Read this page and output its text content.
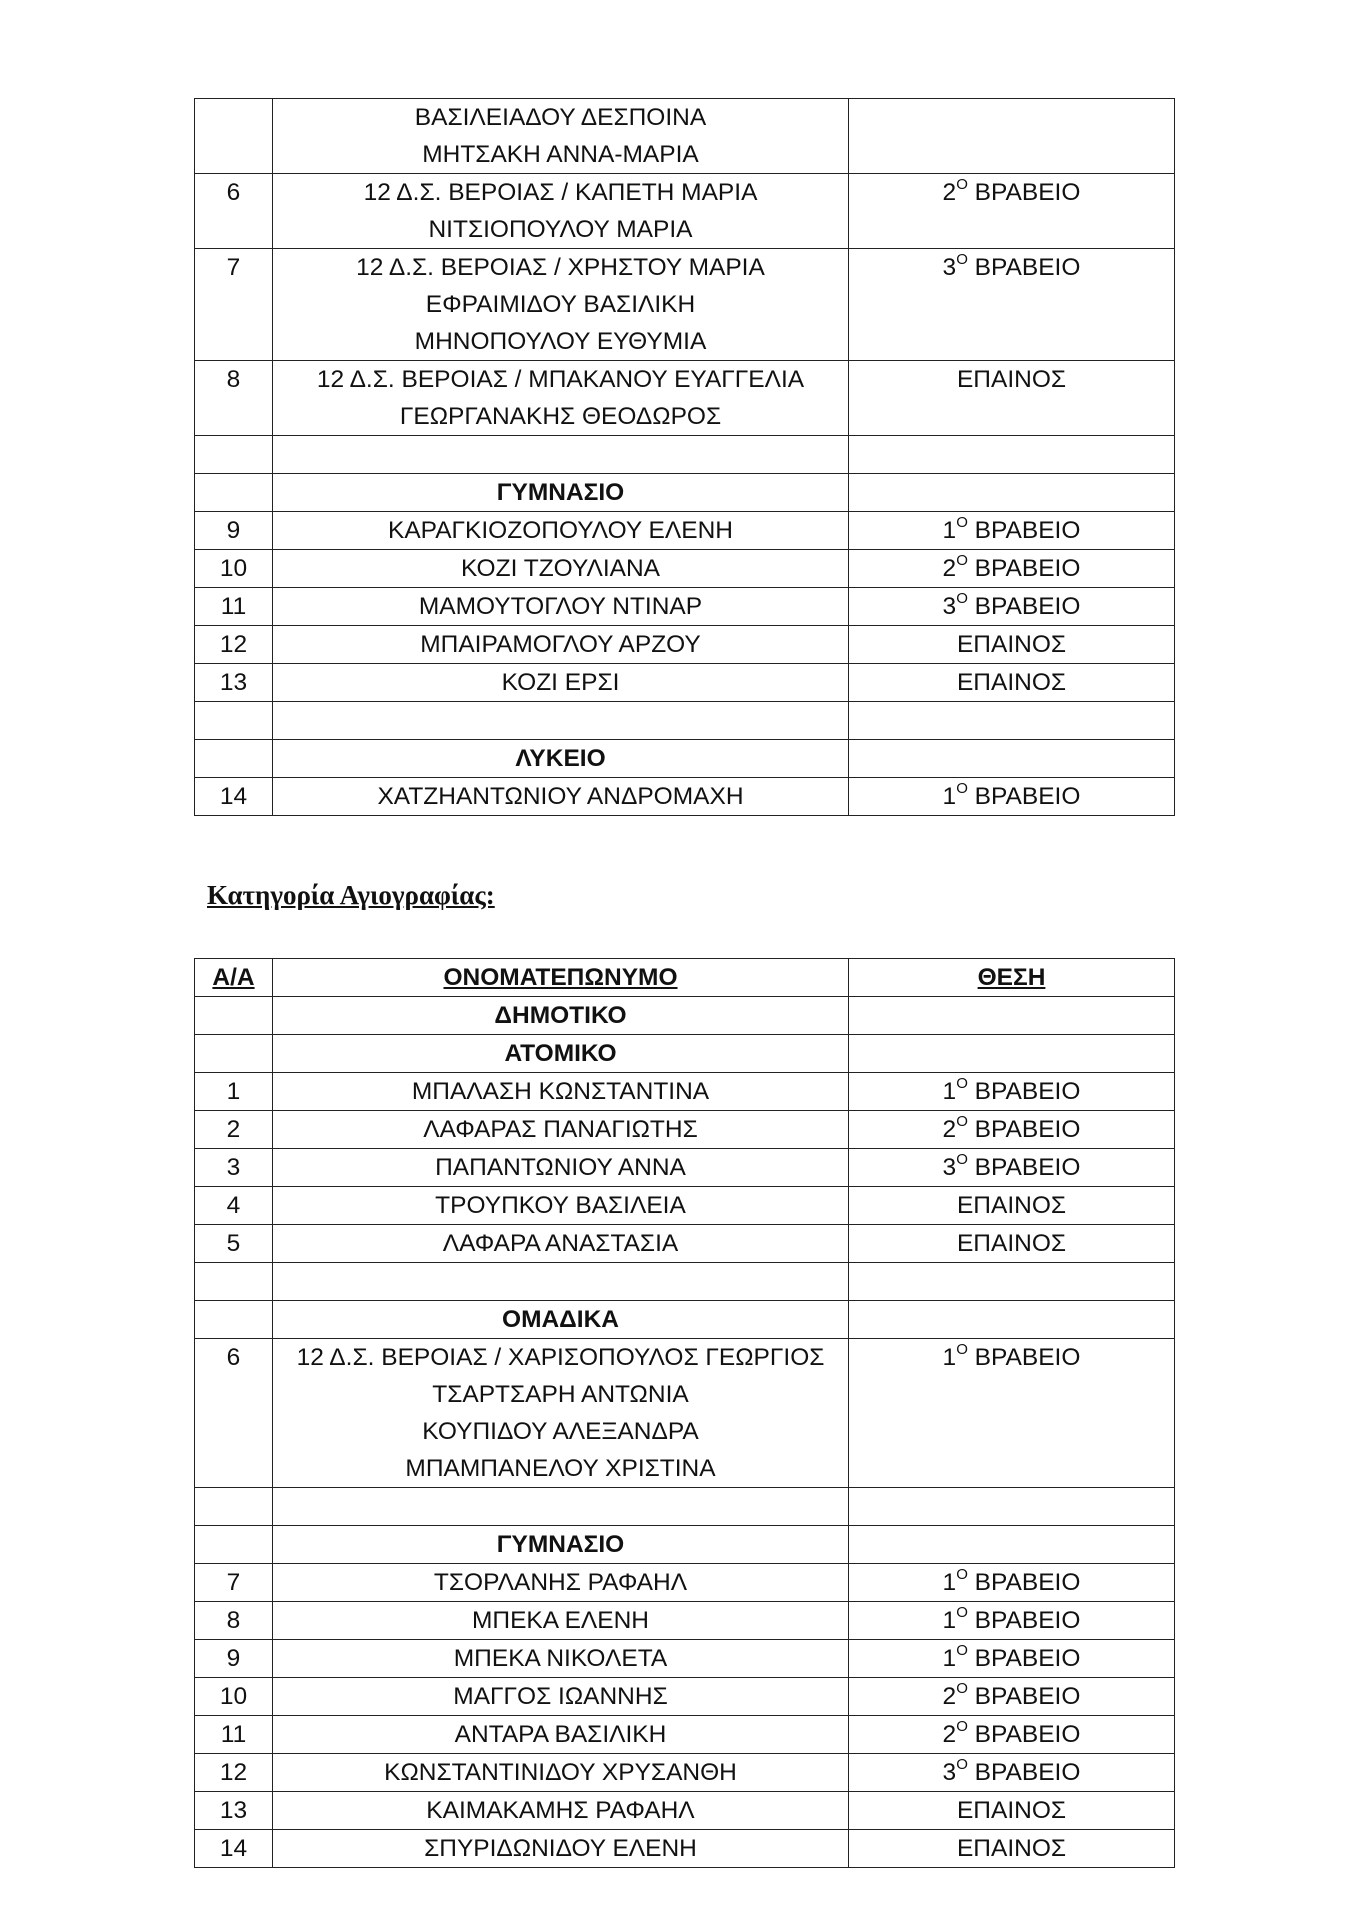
	ΒΑΣΙΛΕΙΑΔΟΥ ΔΕΣΠΟΙΝΑ
ΜΗΤΣΑΚΗ ΑΝΝΑ-ΜΑΡΙΑ	

6	12 Δ.Σ. ΒΕΡΟΙΑΣ / ΚΑΠΕΤΗ ΜΑΡΙΑ
ΝΙΤΣΙΟΠΟΥΛΟΥ ΜΑΡΙΑ	$2^O$ ΒΡΑΒΕΙΟ
7	12 Δ.Σ. ΒΕΡΟΙΑΣ / ΧΡΗΣΤΟΥ ΜΑΡΙΑ
ΕΦΡΑΙΜΙΔΟΥ ΒΑΣΙΛΙΚΗ
ΜΗΝΟΠΟΥΛΟΥ ΕΥΘΥΜΙΑ	$3^O$ ΒΡΑΒΕΙΟ
8	12 Δ.Σ. ΒΕΡΟΙΑΣ / ΜΠΑΚΑΝΟΥ ΕΥΑΓΓΕΛΙΑ
ΓΕΩΡΓΑΝΑΚΗΣ ΘΕΟΔΩΡΟΣ	ΕΠΑΙΝΟΣ

	ΓΥΜΝΑΣΙΟ	

9	ΚΑΡΑΓΚΙΟΖΟΠΟΥΛΟΥ ΕΛΕΝΗ	$1^O$ ΒΡΑΒΕΙΟ
10	ΚΟΖΙ ΤΖΟΥΛΙΑΝΑ	$2^O$ ΒΡΑΒΕΙΟ
11	ΜΑΜΟΥΤΟΓΛΟΥ ΝΤΙΝΑΡ	$3^O$ ΒΡΑΒΕΙΟ
12	ΜΠΑΙΡΑΜΟΓΛΟΥ ΑΡΖΟΥ	ΕΠΑΙΝΟΣ
13	ΚΟΖΙ ΕΡΣΙ	ΕΠΑΙΝΟΣ

	ΛΥΚΕΙΟ	

14	ΧΑΤΖΗΑΝΤΩΝΙΟΥ ΑΝΔΡΟΜΑΧΗ	$1^O$ ΒΡΑΒΕΙΟ
Κατηγορία Αγιογραφίας:
Α/Α	ΟΝΟΜΑΤΕΠΩΝΥΜΟ	ΘΕΣΗ

	ΔΗΜΟΤΙΚΟ	

	ΑΤΟΜΙΚΟ	

1	ΜΠΑΛΑΣΗ ΚΩΝΣΤΑΝΤΙΝΑ	$1^O$ ΒΡΑΒΕΙΟ
2	ΛΑΦΑΡΑΣ ΠΑΝΑΓΙΩΤΗΣ	$2^O$ ΒΡΑΒΕΙΟ
3	ΠΑΠΑΝΤΩΝΙΟΥ ΑΝΝΑ	$3^O$ ΒΡΑΒΕΙΟ
4	ΤΡΟΥΠΚΟΥ ΒΑΣΙΛΕΙΑ	ΕΠΑΙΝΟΣ
5	ΛΑΦΑΡΑ ΑΝΑΣΤΑΣΙΑ	ΕΠΑΙΝΟΣ

	ΟΜΑΔΙΚΑ	

6	12 Δ.Σ. ΒΕΡΟΙΑΣ / ΧΑΡΙΣΟΠΟΥΛΟΣ ΓΕΩΡΓΙΟΣ
ΤΣΑΡΤΣΑΡΗ ΑΝΤΩΝΙΑ
ΚΟΥΠΙΔΟΥ ΑΛΕΞΑΝΔΡΑ
ΜΠΑΜΠΑΝΕΛΟΥ ΧΡΙΣΤΙΝΑ	$1^O$ ΒΡΑΒΕΙΟ

	ΓΥΜΝΑΣΙΟ	

7	ΤΣΟΡΛΑΝΗΣ ΡΑΦΑΗΛ	$1^O$ ΒΡΑΒΕΙΟ
8	ΜΠΕΚΑ ΕΛΕΝΗ	$1^O$ ΒΡΑΒΕΙΟ
9	ΜΠΕΚΑ ΝΙΚΟΛΕΤΑ	$1^O$ ΒΡΑΒΕΙΟ
10	ΜΑΓΓΟΣ ΙΩΑΝΝΗΣ	$2^O$ ΒΡΑΒΕΙΟ
11	ΑΝΤΑΡΑ ΒΑΣΙΛΙΚΗ	$2^O$ ΒΡΑΒΕΙΟ
12	ΚΩΝΣΤΑΝΤΙΝΙΔΟΥ ΧΡΥΣΑΝΘΗ	$3^O$ ΒΡΑΒΕΙΟ
13	ΚΑΙΜΑΚΑΜΗΣ ΡΑΦΑΗΛ	ΕΠΑΙΝΟΣ
14	ΣΠΥΡΙΔΩΝΙΔΟΥ ΕΛΕΝΗ	ΕΠΑΙΝΟΣ
